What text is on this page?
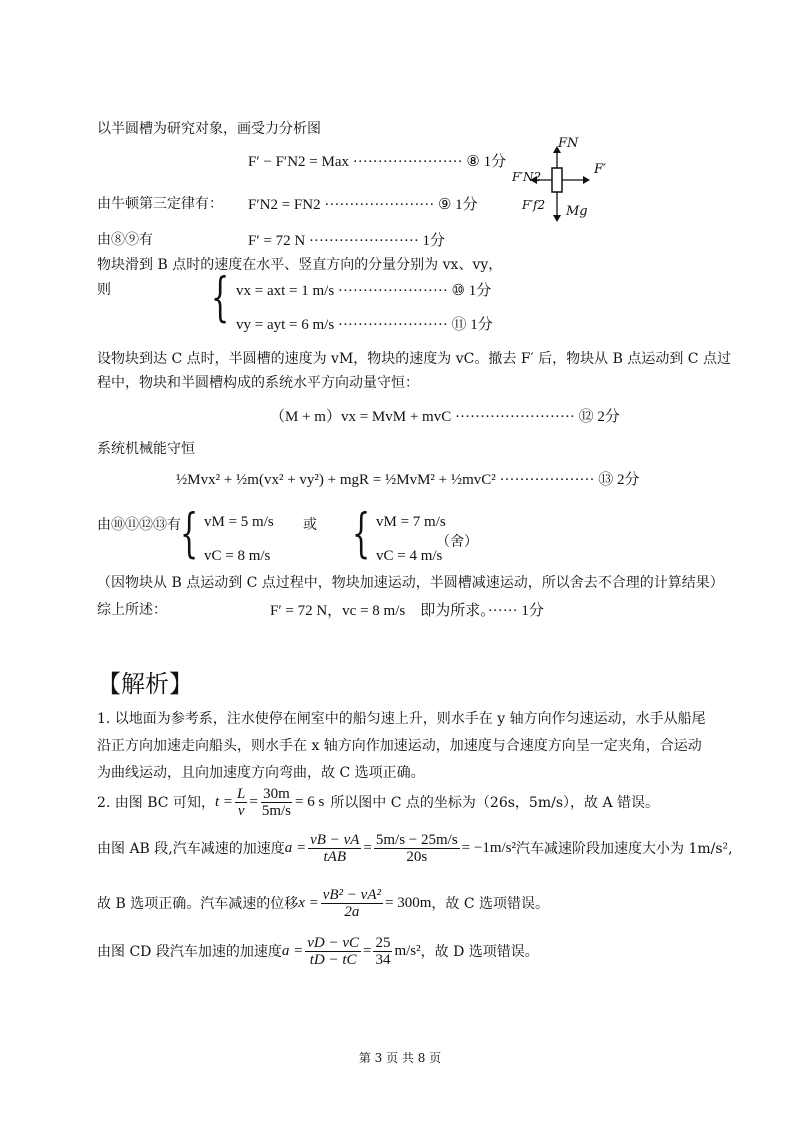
以半圆槽为研究对象，画受力分析图
F′ − F′N2 = Max ······················ ⑧ 1分
由牛顿第三定律有： F′N2 = FN2 ······················ ⑨ 1分
由⑧⑨有	F′ = 72 N ······················ 1分
FN
F′
F′N2
F′f2 Mg
物块滑到 B 点时的速度在水平、竖直方向的分量分别为 vx、vy，
则 { vx = axt = 1 m/s ······················ ⑩ 1分
vy = ayt = 6 m/s ······················ ⑪ 1分
设物块到达 C 点时，半圆槽的速度为 vM，物块的速度为 vC。撤去 F′ 后，物块从 B 点运动到 C 点过
程中，物块和半圆槽构成的系统水平方向动量守恒：
（M + m）vx = MvM + mvC ························ ⑫ 2分
系统机械能守恒
½Mvx² + ½m(vx² + vy²) + mgR = ½MvM² + ½mvC² ··················· ⑬ 2分
由⑩⑪⑫⑬有 { vM = 5 m/s
vC = 8 m/s
或 { vM = 7 m/s
vC = 4 m/s
（舍）
（因物块从 B 点运动到 C 点过程中，物块加速运动，半圆槽减速运动，所以舍去不合理的计算结果）
综上所述：	F′ = 72 N，vc = 8 m/s　即为所求。······ 1分
【解析】
1. 以地面为参考系，注水使停在闸室中的船匀速上升，则水手在 y 轴方向作匀速运动，水手从船尾
沿正方向加速走向船头，则水手在 x 轴方向作加速运动，加速度与合速度方向呈一定夹角，合运动
为曲线运动，且向加速度方向弯曲，故 C 选项正确。
2. 由图 BC 可知， $t = \frac{L}{v} = \frac{30m}{5m/s} = 6$ s 所以图中 C 点的坐标为（26s，5m/s），故 A 错误。
由图 AB 段,汽车减速的加速度 $a = \frac{vB - vA}{\text{tAB}} = \frac{5m/s - 25m/s}{20s} = -1m/s^2$ 汽车减速阶段加速度大小为 1m/s²,
故 B 选项正确。汽车减速的位移 $x = \frac{\text{vB² − vA²}}{2a} = 300m$ ，故 C 选项错误。
由图 CD 段汽车加速的加速度 $a = \frac{vD - vC}{tD - tC} = \frac{25}{34} m/s^2$ ，故 D 选项错误。
第 3 页 共 8 页
